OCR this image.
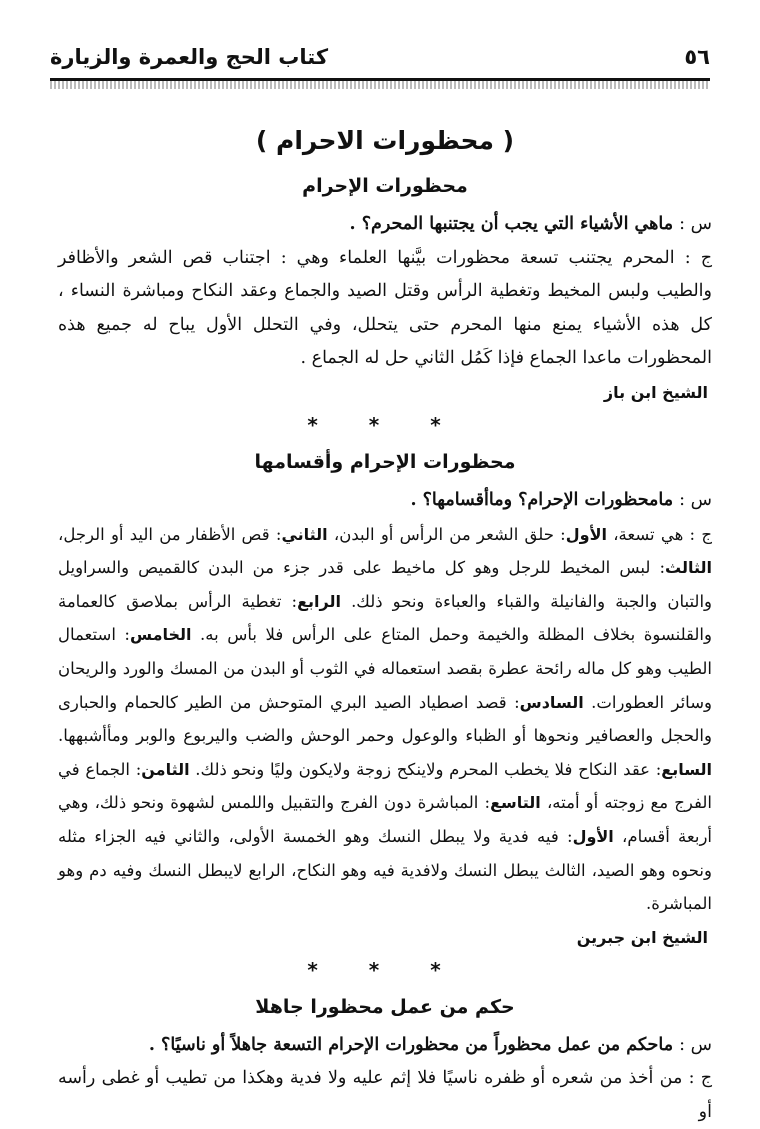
٥٦
كتاب الحج والعمرة والزيارة
( محظورات الاحرام )
محظورات الإحرام

س : ماهي الأشياء التي يجب أن يجتنبها المحرم؟ .

ج : المحرم يجتنب تسعة محظورات بيَّنها العلماء وهي : اجتناب قص الشعر والأظافر والطيب ولبس المخيط وتغطية الرأس وقتل الصيد والجماع وعقد النكاح ومباشرة النساء ، كل هذه الأشياء يمنع منها المحرم حتى يتحلل، وفي التحلل الأول يباح له جميع هذه المحظورات ماعدا الجماع فإذا كَمُل الثاني حل له الجماع .

الشيخ ابن باز
* * *
محظورات الإحرام وأقسامها

س : مامحظورات الإحرام؟ وماأقسامها؟ .

ج : هي تسعة، الأول: حلق الشعر من الرأس أو البدن، الثاني: قص الأظفار من اليد أو الرجل، الثالث: لبس المخيط للرجل وهو كل ماخيط على قدر جزء من البدن كالقميص والسراويل والتبان والجبة والفانيلة والقباء والعباءة ونحو ذلك. الرابع: تغطية الرأس بملاصق كالعمامة والقلنسوة بخلاف المظلة والخيمة وحمل المتاع على الرأس فلا بأس به. الخامس: استعمال الطيب وهو كل ماله رائحة عطرة بقصد استعماله في الثوب أو البدن من المسك والورد والريحان وسائر العطورات. السادس: قصد اصطياد الصيد البري المتوحش من الطير كالحمام والحبارى والحجل والعصافير ونحوها أو الظباء والوعول وحمر الوحش والضب واليربوع والوبر ومأأشبهها. السابع: عقد النكاح فلا يخطب المحرم ولاينكح زوجة ولايكون وليًا ونحو ذلك. الثامن: الجماع في الفرج مع زوجته أو أمته، التاسع: المباشرة دون الفرج والتقبيل واللمس لشهوة ونحو ذلك، وهي أربعة أقسام، الأول: فيه فدية ولا يبطل النسك وهو الخمسة الأولى، والثاني فيه الجزاء مثله ونحوه وهو الصيد، الثالث يبطل النسك ولافدية فيه وهو النكاح، الرابع لايبطل النسك وفيه دم وهو المباشرة.

الشيخ ابن جبرين
* * *
حكم من عمل محظورا جاهلا

س : ماحكم من عمل محظوراً من محظورات الإحرام التسعة جاهلاً أو ناسيًا؟ .

ج : من أخذ من شعره أو ظفره ناسيًا فلا إثم عليه ولا فدية وهكذا من تطيب أو غطى رأسه أو
